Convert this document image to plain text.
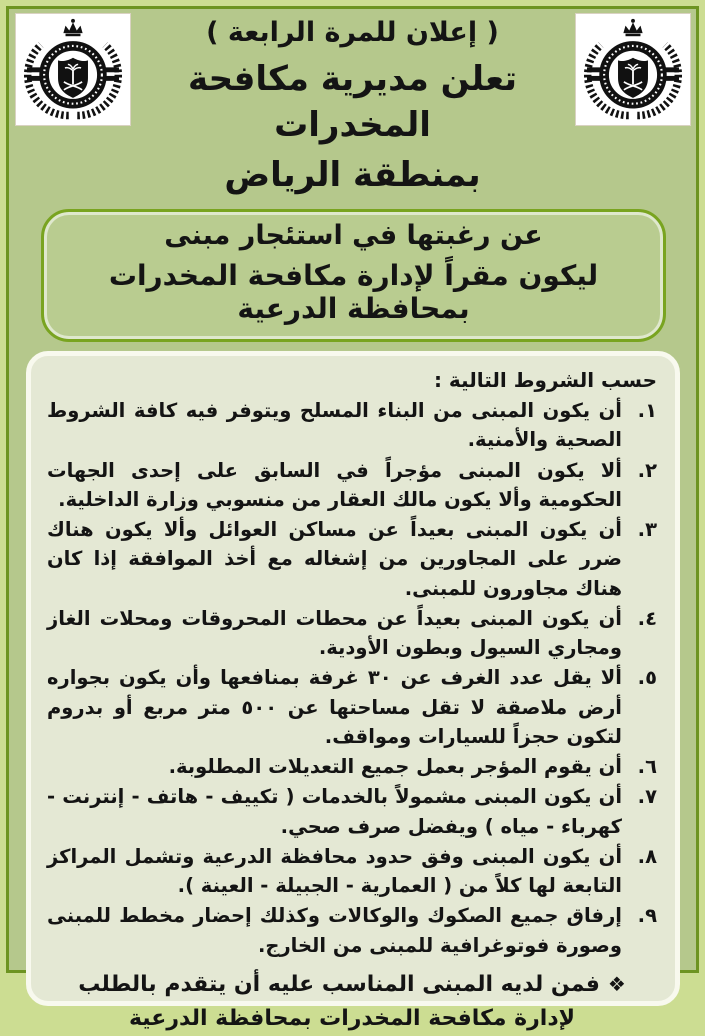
( إعلان للمرة الرابعة )
تعلن مديرية مكافحة المخدرات
بمنطقة الرياض
عن رغبتها في استئجار مبنى
ليكون مقراً لإدارة مكافحة المخدرات بمحافظة الدرعية
حسب الشروط التالية :
١.
أن يكون المبنى من البناء المسلح ويتوفر فيه كافة الشروط الصحية والأمنية.
٢.
ألا يكون المبنى مؤجراً في السابق على إحدى الجهات الحكومية وألا يكون مالك العقار من منسوبي وزارة الداخلية.
٣.
أن يكون المبنى بعيداً عن مساكن العوائل وألا يكون هناك ضرر على المجاورين من إشغاله مع أخذ الموافقة إذا كان هناك مجاورون للمبنى.
٤.
أن يكون المبنى بعيداً عن محطات المحروقات ومحلات الغاز ومجاري السيول وبطون الأودية.
٥.
ألا يقل عدد الغرف عن ٣٠ غرفة بمنافعها وأن يكون بجواره أرض ملاصقة لا تقل مساحتها عن ٥٠٠ متر مربع أو بدروم لتكون حجزاً للسيارات ومواقف.
٦.
أن يقوم المؤجر بعمل جميع التعديلات المطلوبة.
٧.
أن يكون المبنى مشمولاً بالخدمات ( تكييف - هاتف - إنترنت - كهرباء - مياه ) ويفضل صرف صحي.
٨.
أن يكون المبنى وفق حدود محافظة الدرعية وتشمل المراكز التابعة لها كلاً من ( العمارية - الجبيلة - العينة ).
٩.
إرفاق جميع الصكوك والوكالات وكذلك إحضار مخطط للمبنى وصورة فوتوغرافية للمبنى من الخارج.
❖فمن لديه المبنى المناسب عليه أن يتقدم بالطلب لإدارة مكافحة المخدرات بمحافظة الدرعية
